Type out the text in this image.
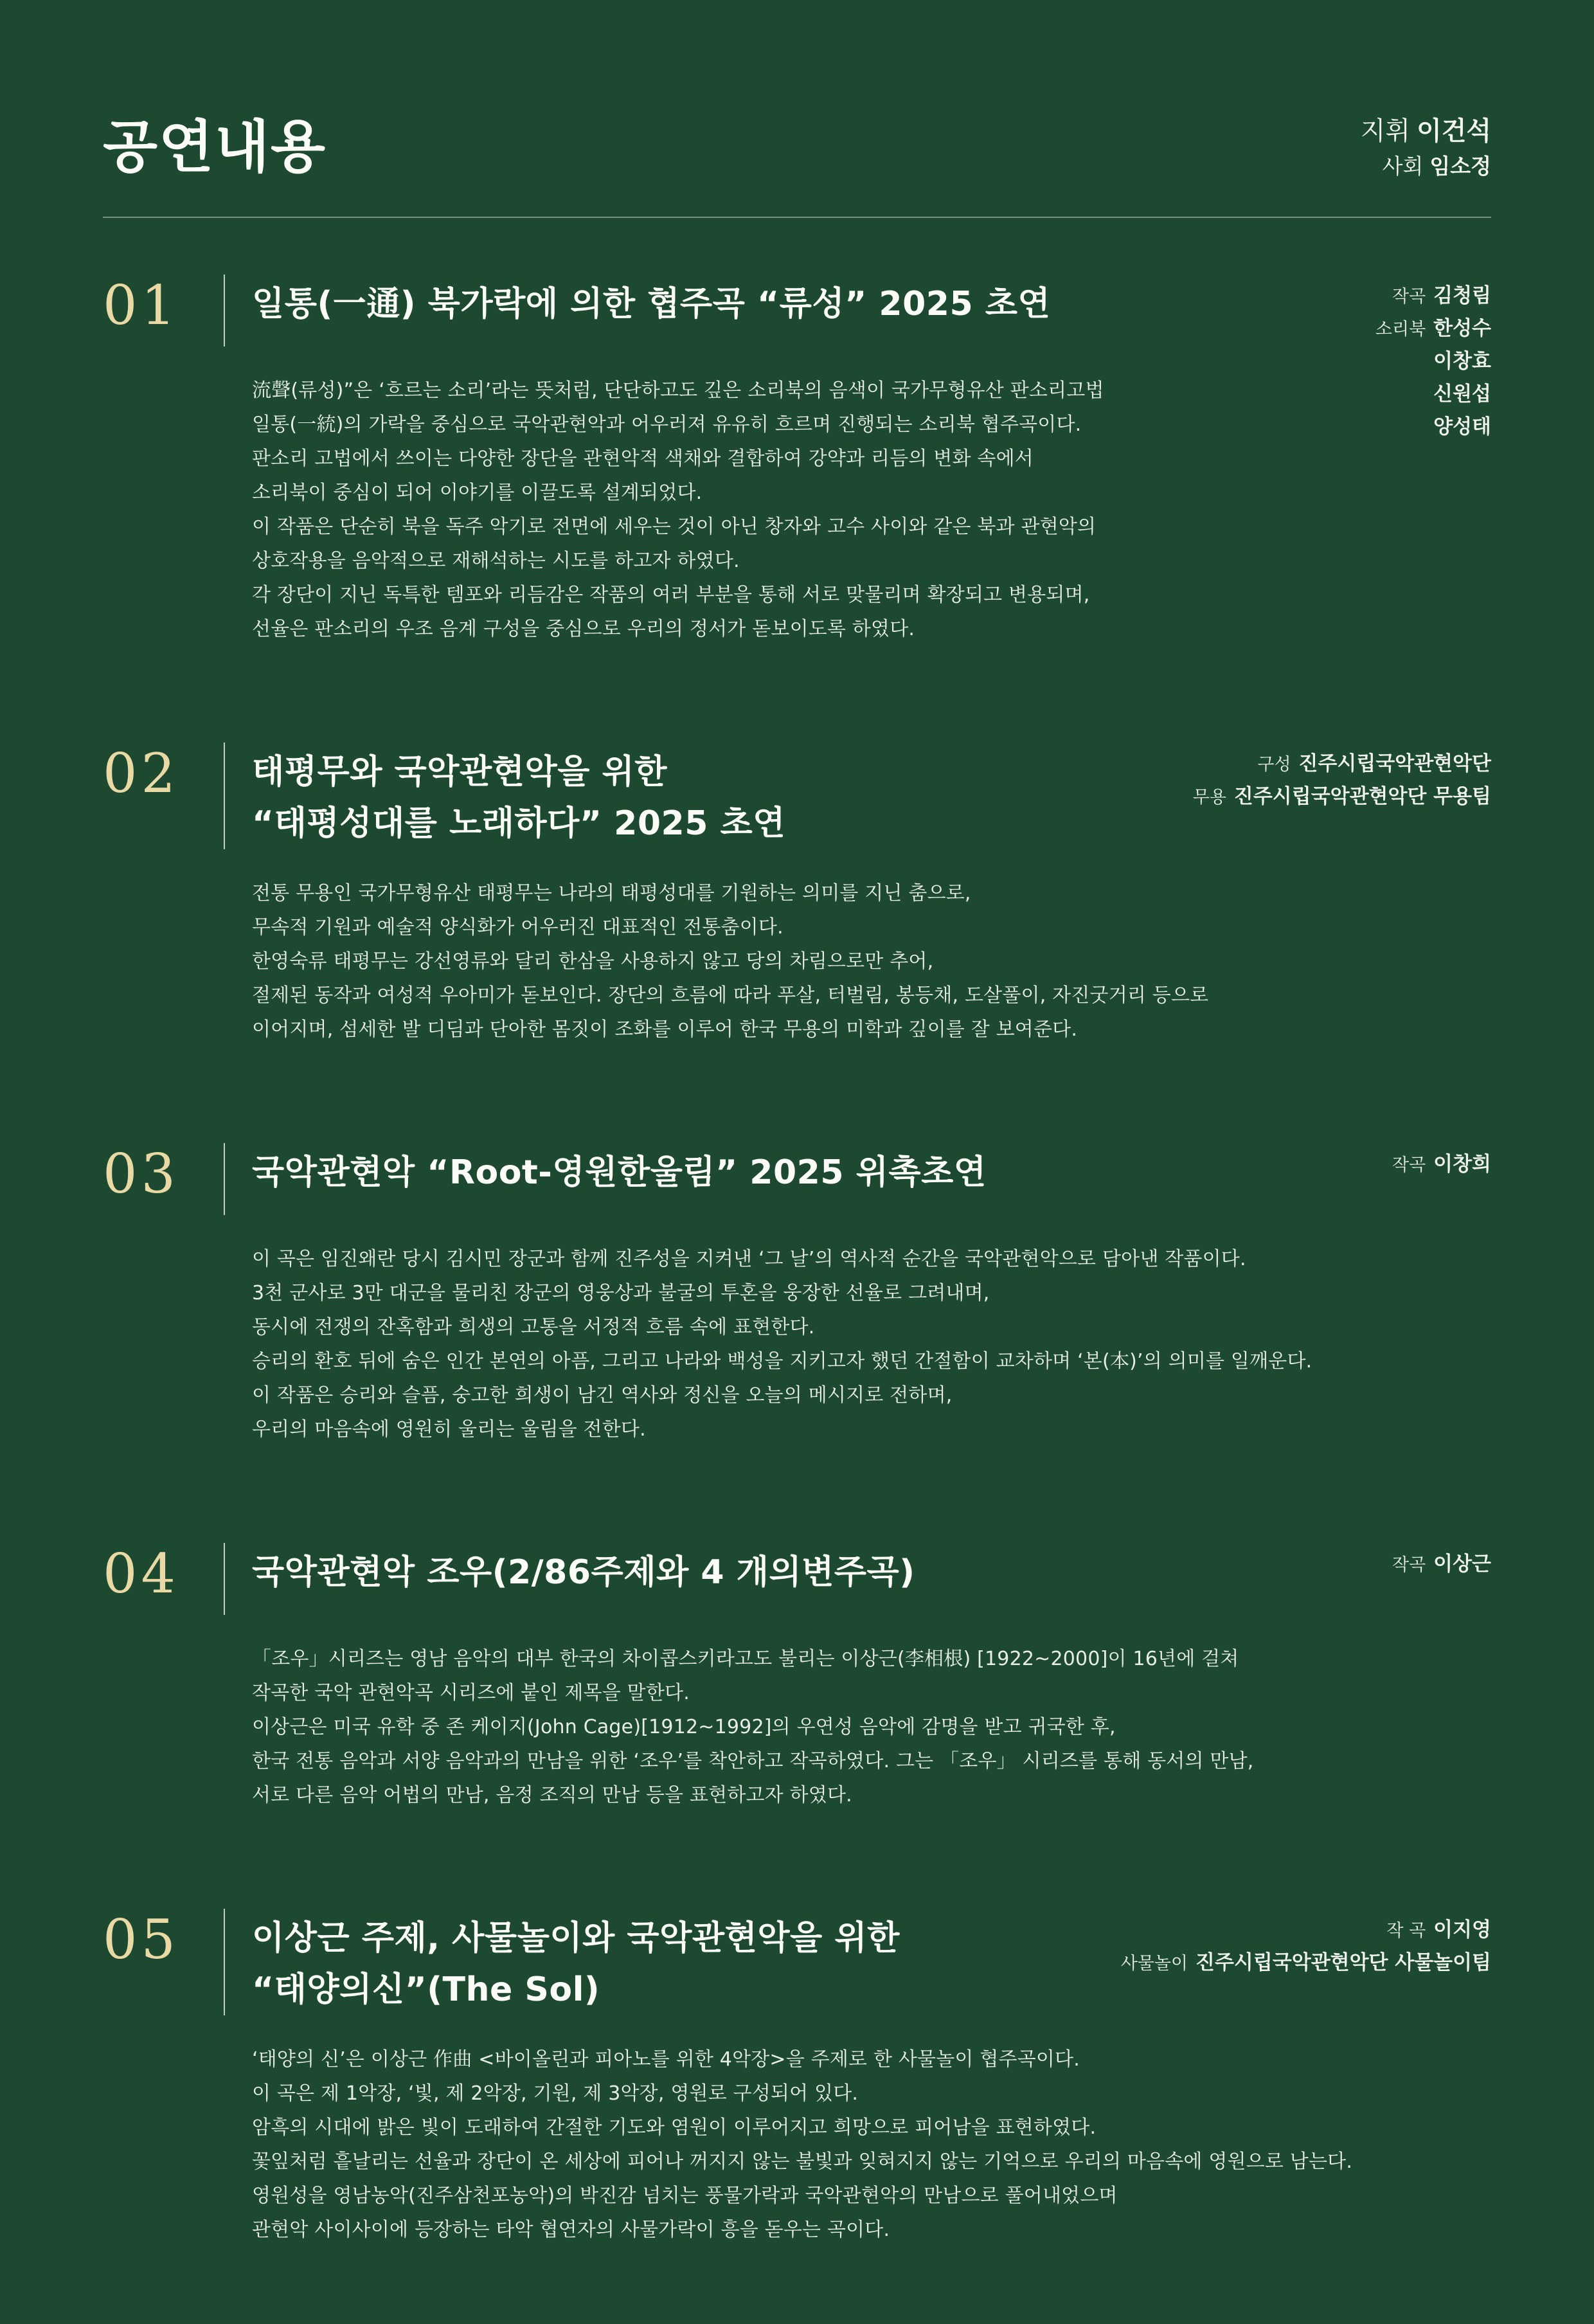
공연내용	지휘 이건석
사회 임소정
01	일통(一通) 북가락에 의한 협주곡 “류성” 2025 초연	작곡 김청림
소리북 한성수
이창효
신원섭
양성태

流聲(류성)”은 ‘흐르는 소리’라는 뜻처럼, 단단하고도 깊은 소리북의 음색이 국가무형유산 판소리고법

일통(一統)의 가락을 중심으로 국악관현악과 어우러져 유유히 흐르며 진행되는 소리북 협주곡이다.

판소리 고법에서 쓰이는 다양한 장단을 관현악적 색채와 결합하여 강약과 리듬의 변화 속에서

소리북이 중심이 되어 이야기를 이끌도록 설계되었다.

이 작품은 단순히 북을 독주 악기로 전면에 세우는 것이 아닌 창자와 고수 사이와 같은 북과 관현악의

상호작용을 음악적으로 재해석하는 시도를 하고자 하였다.

각 장단이 지닌 독특한 템포와 리듬감은 작품의 여러 부분을 통해 서로 맞물리며 확장되고 변용되며,

선율은 판소리의 우조 음계 구성을 중심으로 우리의 정서가 돋보이도록 하였다.

02	태평무와 국악관현악을 위한
“태평성대를 노래하다” 2025 초연
구성 진주시립국악관현악단
무용 진주시립국악관현악단 무용팀

전통 무용인 국가무형유산 태평무는 나라의 태평성대를 기원하는 의미를 지닌 춤으로,

무속적 기원과 예술적 양식화가 어우러진 대표적인 전통춤이다.

한영숙류 태평무는 강선영류와 달리 한삼을 사용하지 않고 당의 차림으로만 추어,

절제된 동작과 여성적 우아미가 돋보인다. 장단의 흐름에 따라 푸살, 터벌림, 봉등채, 도살풀이, 자진굿거리 등으로

이어지며, 섬세한 발 디딤과 단아한 몸짓이 조화를 이루어 한국 무용의 미학과 깊이를 잘 보여준다.

03	국악관현악 “Root-영원한울림” 2025 위촉초연	작곡 이창희

이 곡은 임진왜란 당시 김시민 장군과 함께 진주성을 지켜낸 ‘그 날’의 역사적 순간을 국악관현악으로 담아낸 작품이다.

3천 군사로 3만 대군을 물리친 장군의 영웅상과 불굴의 투혼을 웅장한 선율로 그려내며,

동시에 전쟁의 잔혹함과 희생의 고통을 서정적 흐름 속에 표현한다.

승리의 환호 뒤에 숨은 인간 본연의 아픔, 그리고 나라와 백성을 지키고자 했던 간절함이 교차하며 ‘본(本)’의 의미를 일깨운다.

이 작품은 승리와 슬픔, 숭고한 희생이 남긴 역사와 정신을 오늘의 메시지로 전하며,

우리의 마음속에 영원히 울리는 울림을 전한다.

04	국악관현악 조우(2/86주제와 4 개의변주곡)	작곡 이상근

「조우」시리즈는 영남 음악의 대부 한국의 차이콥스키라고도 불리는 이상근(李相根) [1922~2000]이 16년에 걸쳐

작곡한 국악 관현악곡 시리즈에 붙인 제목을 말한다.

이상근은 미국 유학 중 존 케이지(John Cage)[1912~1992]의 우연성 음악에 감명을 받고 귀국한 후,

한국 전통 음악과 서양 음악과의 만남을 위한 ‘조우’를 착안하고 작곡하였다. 그는 「조우」 시리즈를 통해 동서의 만남,

서로 다른 음악 어법의 만남, 음정 조직의 만남 등을 표현하고자 하였다.

05	이상근 주제, 사물놀이와 국악관현악을 위한
“태양의신”(The Sol)
작 곡 이지영
사물놀이 진주시립국악관현악단 사물놀이팀

‘태양의 신’은 이상근 作曲 <바이올린과 피아노를 위한 4악장>을 주제로 한 사물놀이 협주곡이다.

이 곡은 제 1악장, ‘빛, 제 2악장, 기원, 제 3악장, 영원로 구성되어 있다.

암흑의 시대에 밝은 빛이 도래하여 간절한 기도와 염원이 이루어지고 희망으로 피어남을 표현하였다.

꽃잎처럼 흩날리는 선율과 장단이 온 세상에 피어나 꺼지지 않는 불빛과 잊혀지지 않는 기억으로 우리의 마음속에 영원으로 남는다.

영원성을 영남농악(진주삼천포농악)의 박진감 넘치는 풍물가락과 국악관현악의 만남으로 풀어내었으며

관현악 사이사이에 등장하는 타악 협연자의 사물가락이 흥을 돋우는 곡이다.
